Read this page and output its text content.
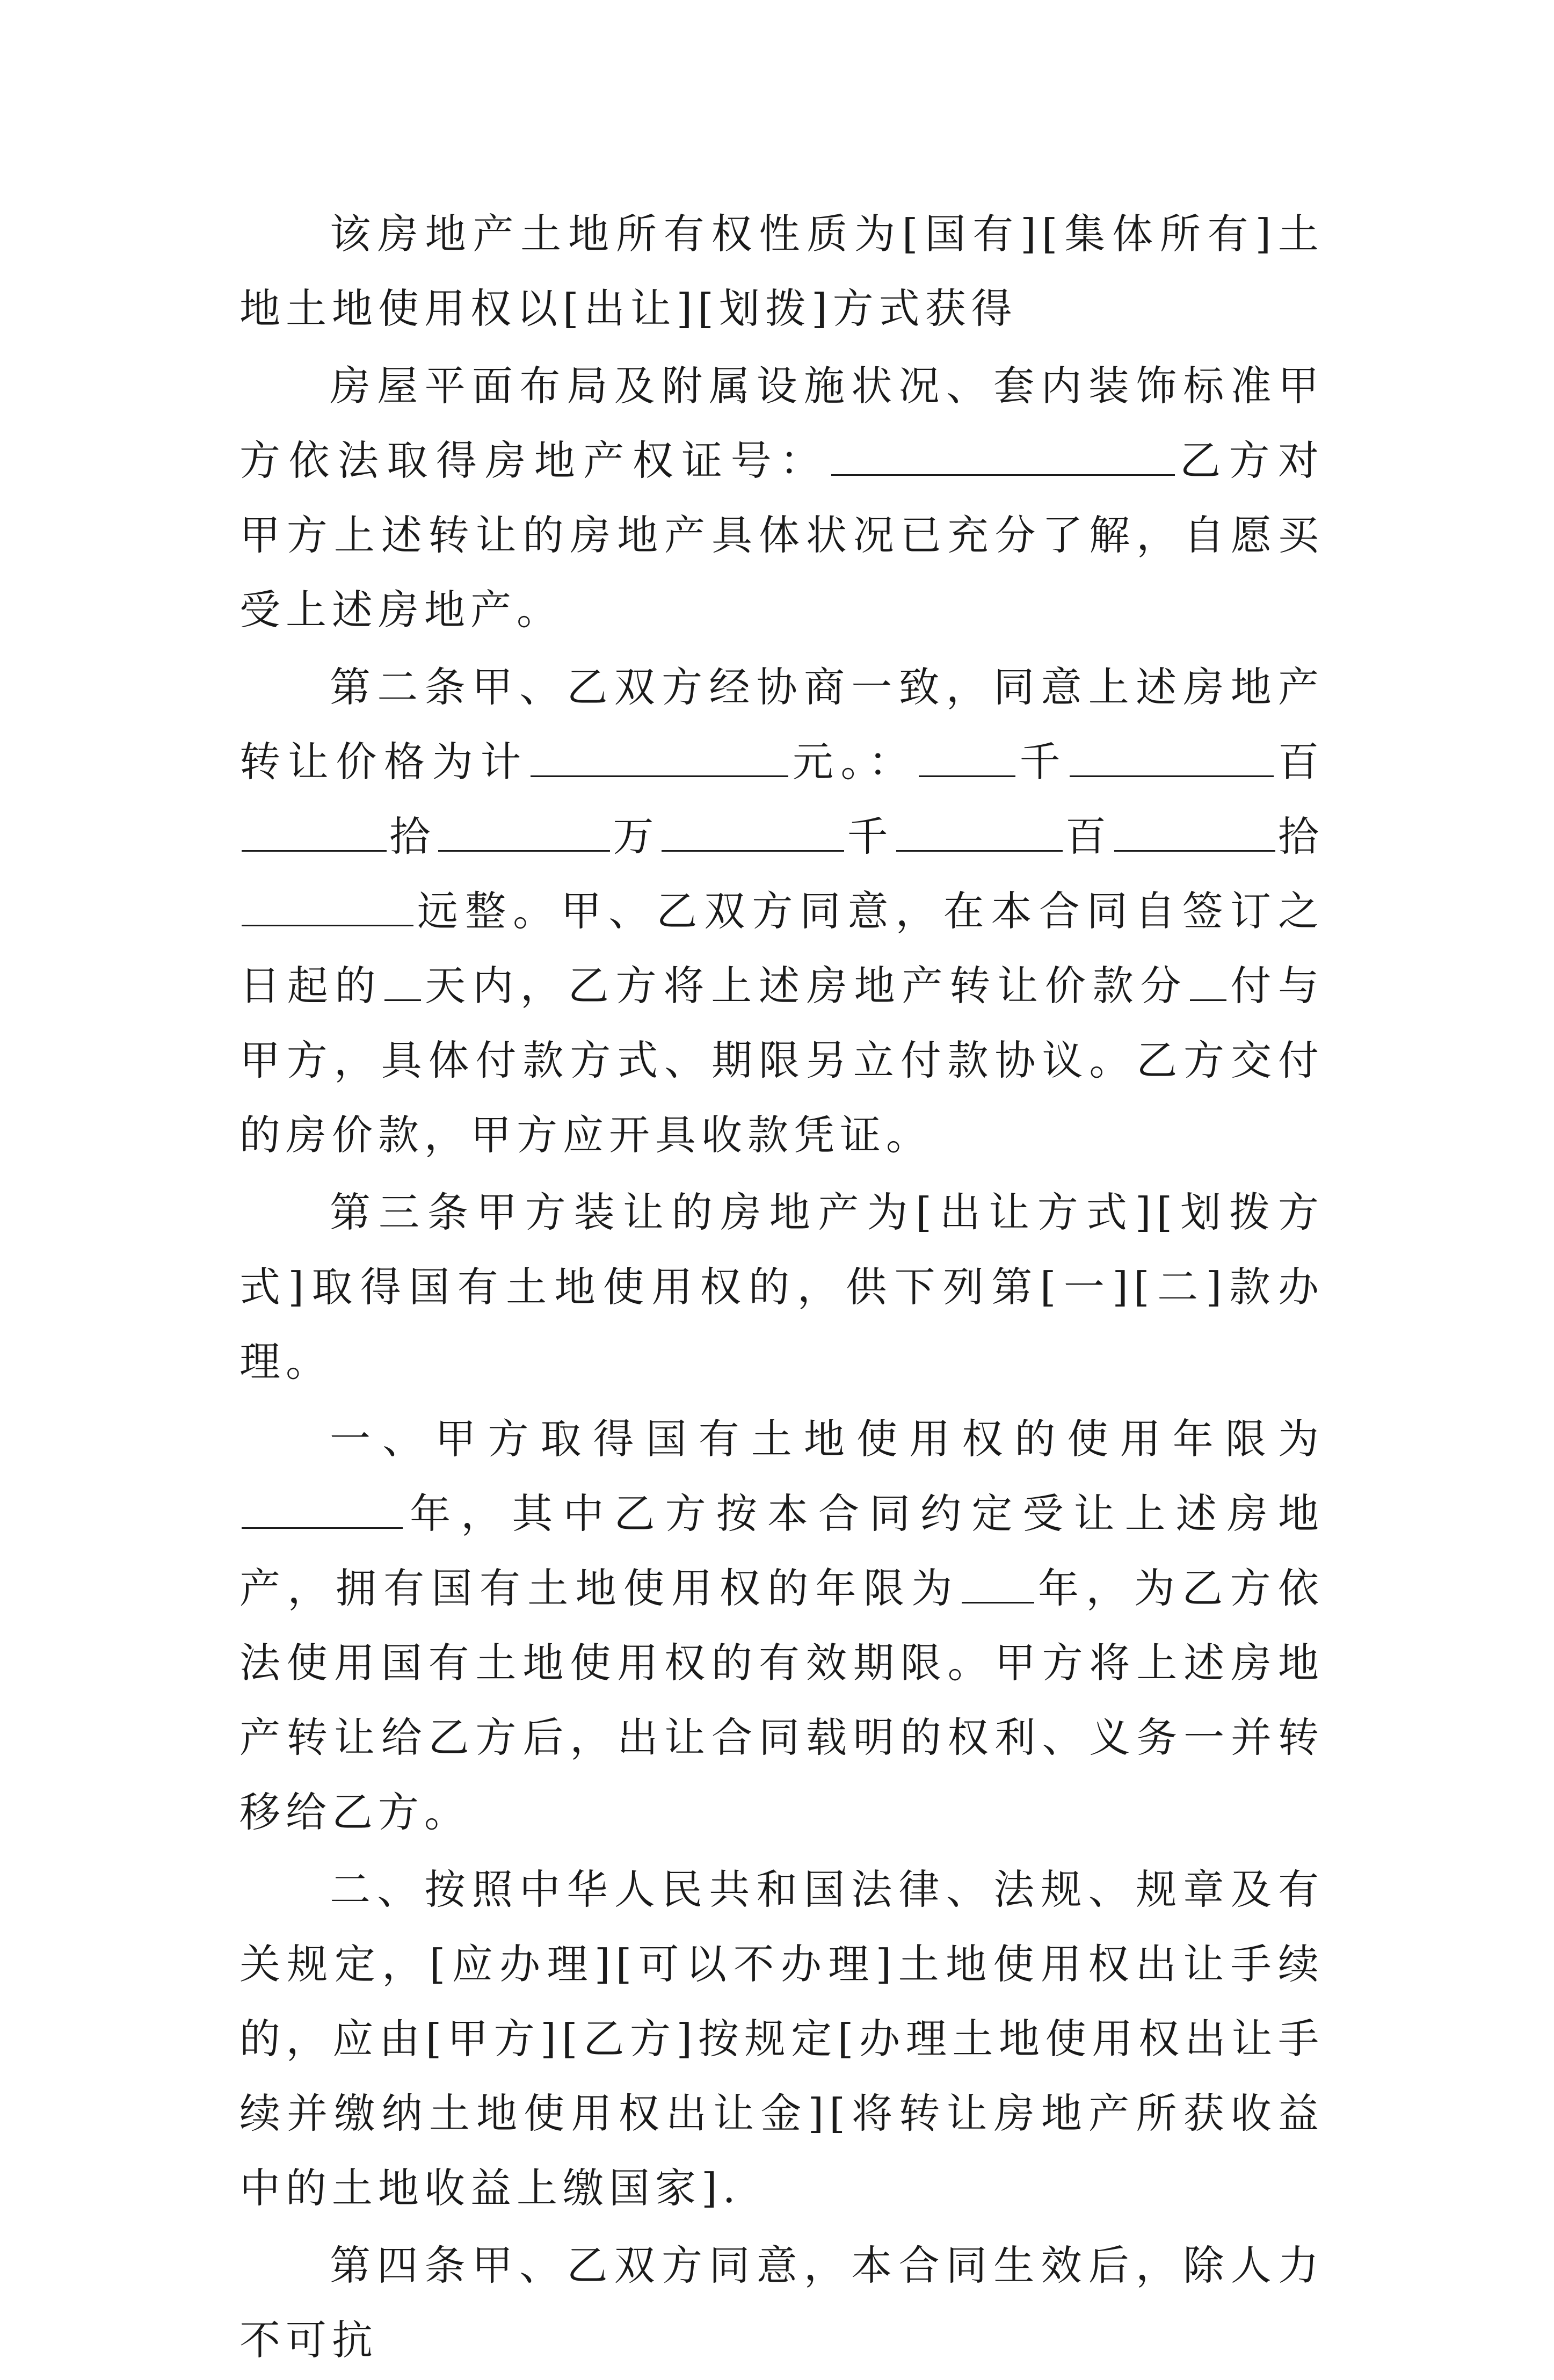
该房地产土地所有权性质为[国有][集体所有]土地土地使用权以[出让][划拨]方式获得

房屋平面布局及附属设施状况、套内装饰标准甲方依法取得房地产权证号：	乙方对甲方上述转让的房地产具体状况已充分了解，自愿买受上述房地产。

第二条甲、乙双方经协商一致，同意上述房地产转让价格为计	元。： 千	百拾	万	千	百	拾远整。甲、乙双方同意，在本合同自签订之日起的 天内，乙方将上述房地产转让价款分 付与甲方，具体付款方式、期限另立付款协议。乙方交付的房价款，甲方应开具收款凭证。

第三条甲方装让的房地产为[出让方式][划拨方式]取得国有土地使用权的，供下列第[一][二]款办理。

一、甲方取得国有土地使用权的使用年限为年，其中乙方按本合同约定受让上述房地产，拥有国有土地使用权的年限为 年，为乙方依法使用国有土地使用权的有效期限。甲方将上述房地产转让给乙方后，出让合同载明的权利、义务一并转移给乙方。

二、按照中华人民共和国法律、法规、规章及有关规定，[应办理][可以不办理]土地使用权出让手续的，应由[甲方][乙方]按规定[办理土地使用权出让手续并缴纳土地使用权出让金][将转让房地产所获收益中的土地收益上缴国家].

第四条甲、乙双方同意，本合同生效后，除人力不可抗
